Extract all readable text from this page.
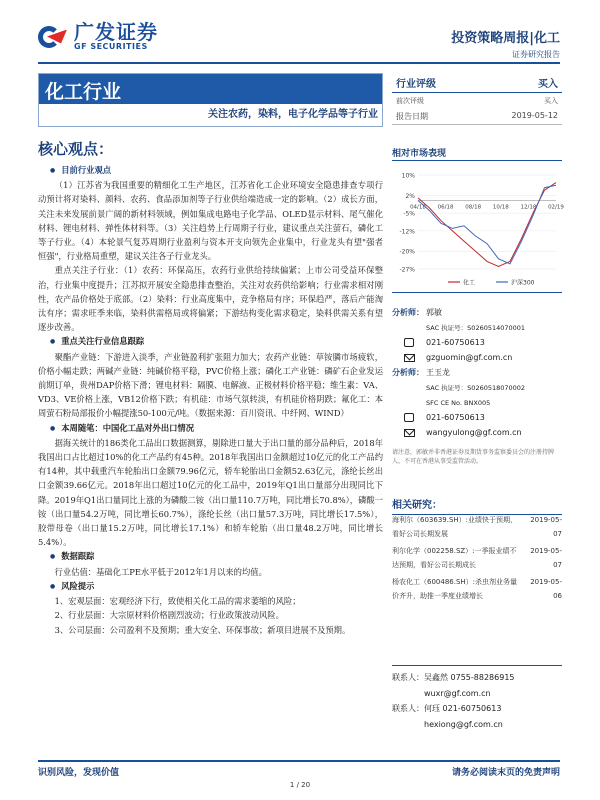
广发证券
GF SECURITIES
投资策略周报|化工
证券研究报告
化工行业
关注农药，染料，电子化学品等子行业
行业评级	买入
前次评级	买入
报告日期	2019-05-12
核心观点：
● 目前行业观点

（1）江苏省为我国重要的精细化工生产地区，江苏省化工企业环境安全隐患排查专项行动预计将对染料、颜料、农药、食品添加剂等子行业供给端造成一定的影响。（2）成长方面，关注未来发展前景广阔的新材料领域，例如集成电路电子化学品、OLED显示材料、尾气催化材料、锂电材料、弹性体材料等。（3）关注趋势上行周期子行业，建议重点关注萤石，磷化工等子行业。（4）本轮景气复苏周期行业盈利与资本开支向领先企业集中，行业龙头有望"强者恒强"，行业格局重塑，建议关注各子行业龙头。

重点关注子行业：（1）农药：环保高压，农药行业供给持续偏紧；上市公司受益环保整治，行业集中度提升；江苏拟开展安全隐患排查整治，关注对农药供给影响；行业需求相对刚性，农产品价格处于底部。（2）染料：行业高度集中，竞争格局有序；环保趋严，落后产能淘汰有序；需求旺季来临，染料供需格局或将偏紧；下游结构变化需求稳定，染料供需关系有望逐步改善。

● 重点关注行业信息跟踪

聚酯产业链：下游进入淡季，产业链盈利扩张阻力加大；农药产业链：草铵膦市场疲软，价格小幅走跌；两碱产业链：纯碱价格平稳，PVC价格上涨；磷化工产业链：磷矿石企业发运前期订单，贵州DAP价格下滑；锂电材料：隔膜、电解液、正极材料价格平稳；维生素：VA、VD3、VE价格上涨，VB12价格下跌；有机硅：市场气氛转淡，有机硅价格阴跌；氟化工：本周萤石粉局部报价小幅提涨50-100元/吨。（数据来源：百川资讯、中纤网、WIND）

● 本周随笔：中国化工品对外出口情况

据海关统计的186类化工品出口数据测算，剔除进口量大于出口量的部分品种后，2018年我国出口占比超过10%的化工产品约有45种。2018年我国出口金额超过10亿元的化工产品约有14种，其中载重汽车轮胎出口金额79.96亿元，轿车轮胎出口金额52.63亿元，涤纶长丝出口金额39.66亿元。2018年出口超过10亿元的化工品中，2019年Q1出口量部分出现同比下降。2019年Q1出口量同比上涨的为磷酸二铵（出口量110.7万吨，同比增长70.8%），磷酸一铵（出口量54.2万吨，同比增长60.7%），涤纶长丝（出口量57.3万吨，同比增长17.5%），胶带母卷（出口量15.2万吨，同比增长17.1%）和轿车轮胎（出口量48.2万吨，同比增长5.4%）。

● 数据跟踪

行业估值：基础化工PE水平低于2012年1月以来的均值。

● 风险提示

1、宏观层面：宏观经济下行，致使相关化工品的需求萎缩的风险；

2、行业层面：大宗原材料价格剧烈波动；行业政策波动风险。

3、公司层面：公司盈利不及预期；重大安全、环保事故；新项目进展不及预期。

相对市场表现
10%
2%
-5%
-12%
-20%
-27%
04/18 06/18 08/18 10/18 12/18 02/19
化工	沪深300
分析师： 郭敏
SAC 执证号：S0260514070001
021-60750613
gzguomin@gf.com.cn
分析师： 王玉龙
SAC 执证号：S0260518070002
SFC CE No. BNX005
021-60750613
wangyulong@gf.com.cn
请注意，郭敏并非香港证券及期货事务监察委员会的注册持牌人，不可在香港从事受监管活动。
相关研究：
海利尔（603639.SH）:业绩快于预期，看好公司长期发展
2019-05-07
利尔化学（002258.SZ）:一季报业绩不达预期，看好公司长期成长
2019-05-07
杨农化工（600486.SH）:杀虫剂业务量价齐升，助推一季度业绩增长
2019-05-06
联系人：吴鑫然 0755-88286915
wuxr@gf.com.cn
联系人：何珏 021-60750613
hexiong@gf.com.cn
识别风险，发现价值	请务必阅读末页的免责声明
1 / 20
